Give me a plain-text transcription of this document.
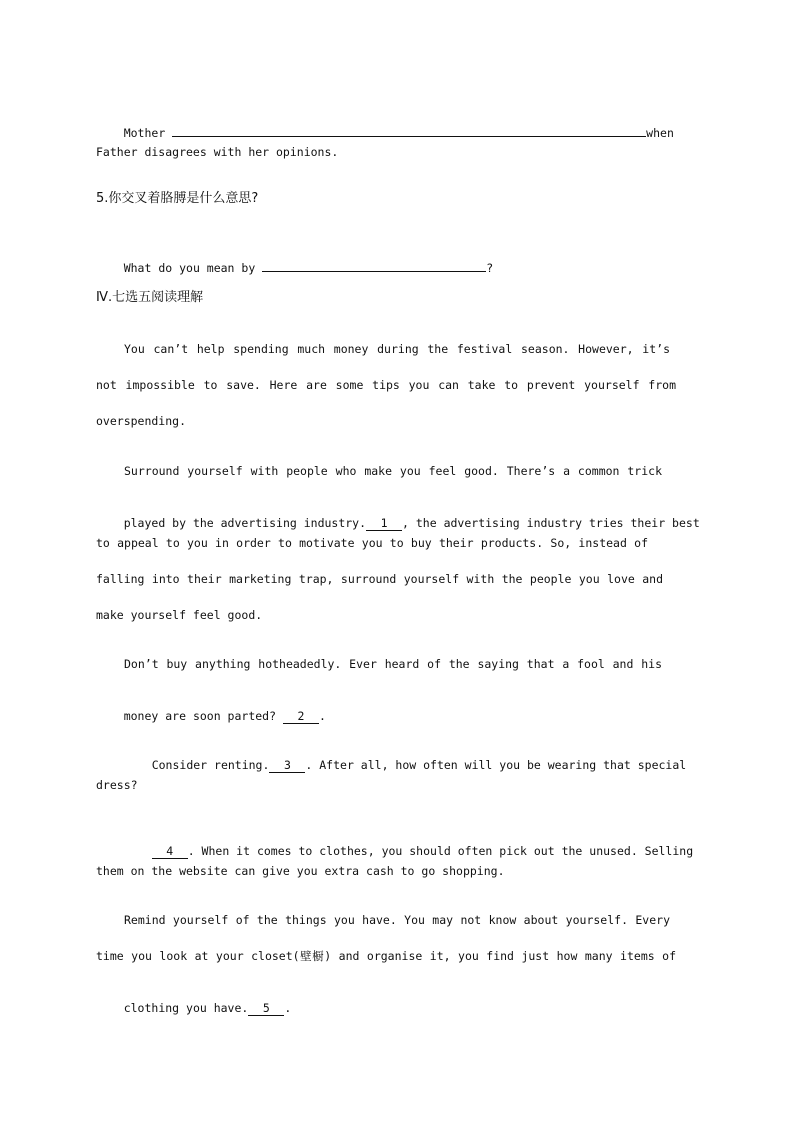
Mother	when

Father disagrees with her opinions.
5.你交叉着胳膊是什么意思?

What do you mean by	?

Ⅳ.七选五阅读理解
You can’t help spending much money during the festival season. However, it’s
not impossible to save. Here are some tips you can take to prevent yourself from
overspending.
Surround yourself with people who make you feel good. There’s a common trick

played by the advertising industry. 1 , the advertising industry tries their best

to appeal to you in order to motivate you to buy their products. So, instead of
falling into their marketing trap, surround yourself with the people you love and
make yourself feel good.
Don’t buy anything hotheadedly. Ever heard of the saying that a fool and his

money are soon parted? 2 .

Consider renting. 3 . After all, how often will you be wearing that special

dress?

4 . When it comes to clothes, you should often pick out the unused. Selling

them on the website can give you extra cash to go shopping.
Remind yourself of the things you have. You may not know about yourself. Every
time you look at your closet(壁橱) and organise it, you find just how many items of

clothing you have. 5 .
